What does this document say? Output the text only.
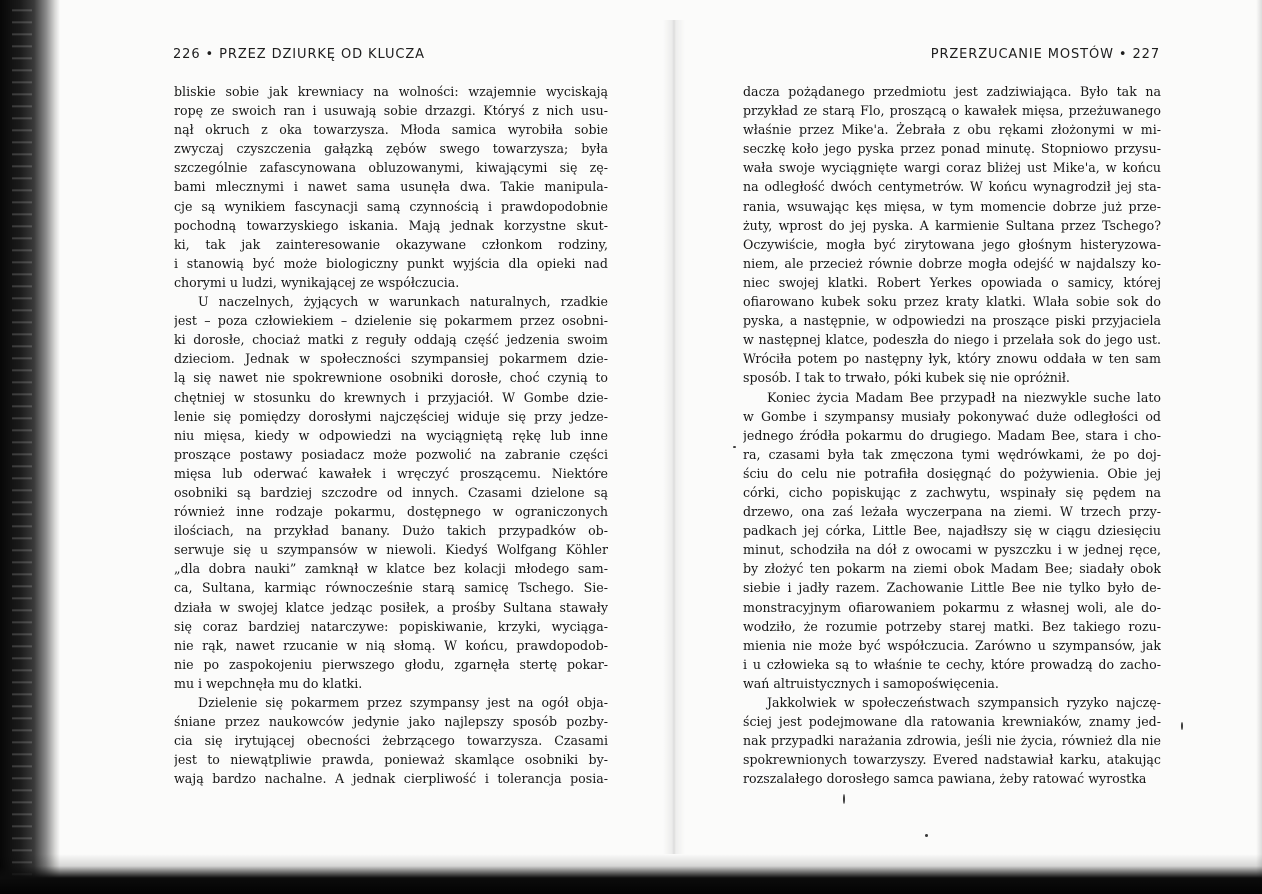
226 • PRZEZ DZIURKĘ OD KLUCZA	PRZERZUCANIE MOSTÓW • 227
bliskie sobie jak krewniacy na wolności: wzajemnie wyciskają
ropę ze swoich ran i usuwają sobie drzazgi. Któryś z nich usu-
nął okruch z oka towarzysza. Młoda samica wyrobiła sobie
zwyczaj czyszczenia gałązką zębów swego towarzysza; była
szczególnie zafascynowana obluzowanymi, kiwającymi się zę-
bami mlecznymi i nawet sama usunęła dwa. Takie manipula-
cje są wynikiem fascynacji samą czynnością i prawdopodobnie
pochodną towarzyskiego iskania. Mają jednak korzystne skut-
ki, tak jak zainteresowanie okazywane członkom rodziny,
i stanowią być może biologiczny punkt wyjścia dla opieki nad
chorymi u ludzi, wynikającej ze współczucia.
U naczelnych, żyjących w warunkach naturalnych, rzadkie
jest – poza człowiekiem – dzielenie się pokarmem przez osobni-
ki dorosłe, chociaż matki z reguły oddają część jedzenia swoim
dzieciom. Jednak w społeczności szympansiej pokarmem dzie-
lą się nawet nie spokrewnione osobniki dorosłe, choć czynią to
chętniej w stosunku do krewnych i przyjaciół. W Gombe dzie-
lenie się pomiędzy dorosłymi najczęściej widuje się przy jedze-
niu mięsa, kiedy w odpowiedzi na wyciągniętą rękę lub inne
proszące postawy posiadacz może pozwolić na zabranie części
mięsa lub oderwać kawałek i wręczyć proszącemu. Niektóre
osobniki są bardziej szczodre od innych. Czasami dzielone są
również inne rodzaje pokarmu, dostępnego w ograniczonych
ilościach, na przykład banany. Dużo takich przypadków ob-
serwuje się u szympansów w niewoli. Kiedyś Wolfgang Köhler
„dla dobra nauki” zamknął w klatce bez kolacji młodego sam-
ca, Sultana, karmiąc równocześnie starą samicę Tschego. Sie-
działa w swojej klatce jedząc posiłek, a prośby Sultana stawały
się coraz bardziej natarczywe: popiskiwanie, krzyki, wyciąga-
nie rąk, nawet rzucanie w nią słomą. W końcu, prawdopodob-
nie po zaspokojeniu pierwszego głodu, zgarnęła stertę pokar-
mu i wepchnęła mu do klatki.
Dzielenie się pokarmem przez szympansy jest na ogół obja-
śniane przez naukowców jedynie jako najlepszy sposób pozby-
cia się irytującej obecności żebrzącego towarzysza. Czasami
jest to niewątpliwie prawda, ponieważ skamlące osobniki by-
wają bardzo nachalne. A jednak cierpliwość i tolerancja posia-
dacza pożądanego przedmiotu jest zadziwiająca. Było tak na
przykład ze starą Flo, proszącą o kawałek mięsa, przeżuwanego
właśnie przez Mike'a. Żebrała z obu rękami złożonymi w mi-
seczkę koło jego pyska przez ponad minutę. Stopniowo przysu-
wała swoje wyciągnięte wargi coraz bliżej ust Mike'a, w końcu
na odległość dwóch centymetrów. W końcu wynagrodził jej sta-
rania, wsuwając kęs mięsa, w tym momencie dobrze już prze-
żuty, wprost do jej pyska. A karmienie Sultana przez Tschego?
Oczywiście, mogła być zirytowana jego głośnym histeryzowa-
niem, ale przecież równie dobrze mogła odejść w najdalszy ko-
niec swojej klatki. Robert Yerkes opowiada o samicy, której
ofiarowano kubek soku przez kraty klatki. Wlała sobie sok do
pyska, a następnie, w odpowiedzi na proszące piski przyjaciela
w następnej klatce, podeszła do niego i przelała sok do jego ust.
Wróciła potem po następny łyk, który znowu oddała w ten sam
sposób. I tak to trwało, póki kubek się nie opróżnił.
Koniec życia Madam Bee przypadł na niezwykle suche lato
w Gombe i szympansy musiały pokonywać duże odległości od
jednego źródła pokarmu do drugiego. Madam Bee, stara i cho-
ra, czasami była tak zmęczona tymi wędrówkami, że po doj-
ściu do celu nie potrafiła dosięgnąć do pożywienia. Obie jej
córki, cicho popiskując z zachwytu, wspinały się pędem na
drzewo, ona zaś leżała wyczerpana na ziemi. W trzech przy-
padkach jej córka, Little Bee, najadłszy się w ciągu dziesięciu
minut, schodziła na dół z owocami w pyszczku i w jednej ręce,
by złożyć ten pokarm na ziemi obok Madam Bee; siadały obok
siebie i jadły razem. Zachowanie Little Bee nie tylko było de-
monstracyjnym ofiarowaniem pokarmu z własnej woli, ale do-
wodziło, że rozumie potrzeby starej matki. Bez takiego rozu-
mienia nie może być współczucia. Zarówno u szympansów, jak
i u człowieka są to właśnie te cechy, które prowadzą do zacho-
wań altruistycznych i samopoświęcenia.
Jakkolwiek w społeczeństwach szympansich ryzyko najczę-
ściej jest podejmowane dla ratowania krewniaków, znamy jed-
nak przypadki narażania zdrowia, jeśli nie życia, również dla nie
spokrewnionych towarzyszy. Evered nadstawiał karku, atakując
rozszalałego dorosłego samca pawiana, żeby ratować wyrostka
